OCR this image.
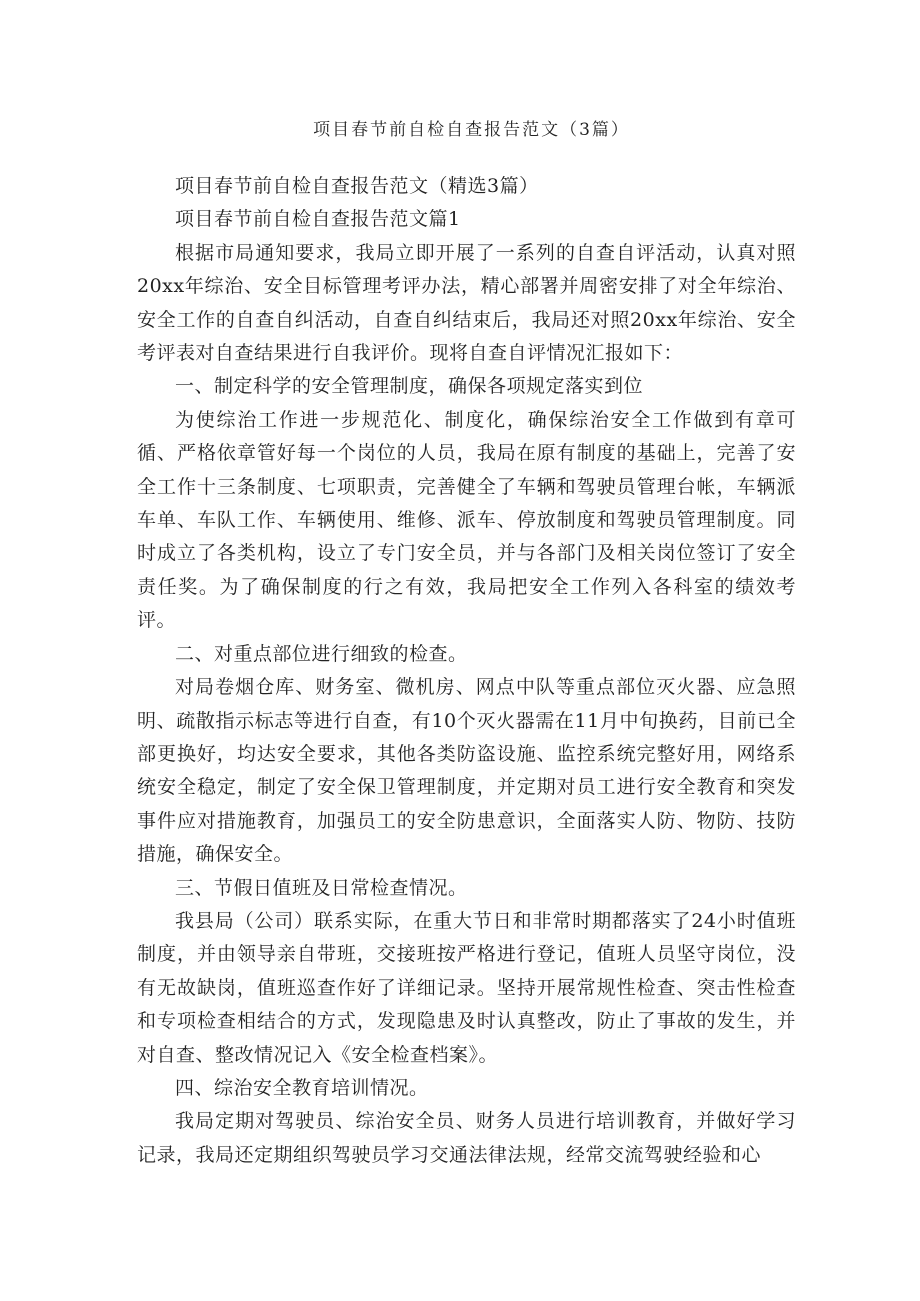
项目春节前自检自查报告范文（3篇）

项目春节前自检自查报告范文（精选3篇）

项目春节前自检自查报告范文篇1

根据市局通知要求，我局立即开展了一系列的自查自评活动，认真对照20xx年综治、安全目标管理考评办法，精心部署并周密安排了对全年综治、安全工作的自查自纠活动，自查自纠结束后，我局还对照20xx年综治、安全考评表对自查结果进行自我评价。现将自查自评情况汇报如下：

一、制定科学的安全管理制度，确保各项规定落实到位

为使综治工作进一步规范化、制度化，确保综治安全工作做到有章可循、严格依章管好每一个岗位的人员，我局在原有制度的基础上，完善了安全工作十三条制度、七项职责，完善健全了车辆和驾驶员管理台帐，车辆派车单、车队工作、车辆使用、维修、派车、停放制度和驾驶员管理制度。同时成立了各类机构，设立了专门安全员，并与各部门及相关岗位签订了安全责任奖。为了确保制度的行之有效，我局把安全工作列入各科室的绩效考评。

二、对重点部位进行细致的检查。

对局卷烟仓库、财务室、微机房、网点中队等重点部位灭火器、应急照明、疏散指示标志等进行自查，有10个灭火器需在11月中旬换药，目前已全部更换好，均达安全要求，其他各类防盗设施、监控系统完整好用，网络系统安全稳定，制定了安全保卫管理制度，并定期对员工进行安全教育和突发事件应对措施教育，加强员工的安全防患意识，全面落实人防、物防、技防措施，确保安全。

三、节假日值班及日常检查情况。

我县局（公司）联系实际，在重大节日和非常时期都落实了24小时值班制度，并由领导亲自带班，交接班按严格进行登记，值班人员坚守岗位，没有无故缺岗，值班巡查作好了详细记录。坚持开展常规性检查、突击性检查和专项检查相结合的方式，发现隐患及时认真整改，防止了事故的发生，并对自查、整改情况记入《安全检查档案》。

四、综治安全教育培训情况。

我局定期对驾驶员、综治安全员、财务人员进行培训教育，并做好学习记录，我局还定期组织驾驶员学习交通法律法规，经常交流驾驶经验和心
